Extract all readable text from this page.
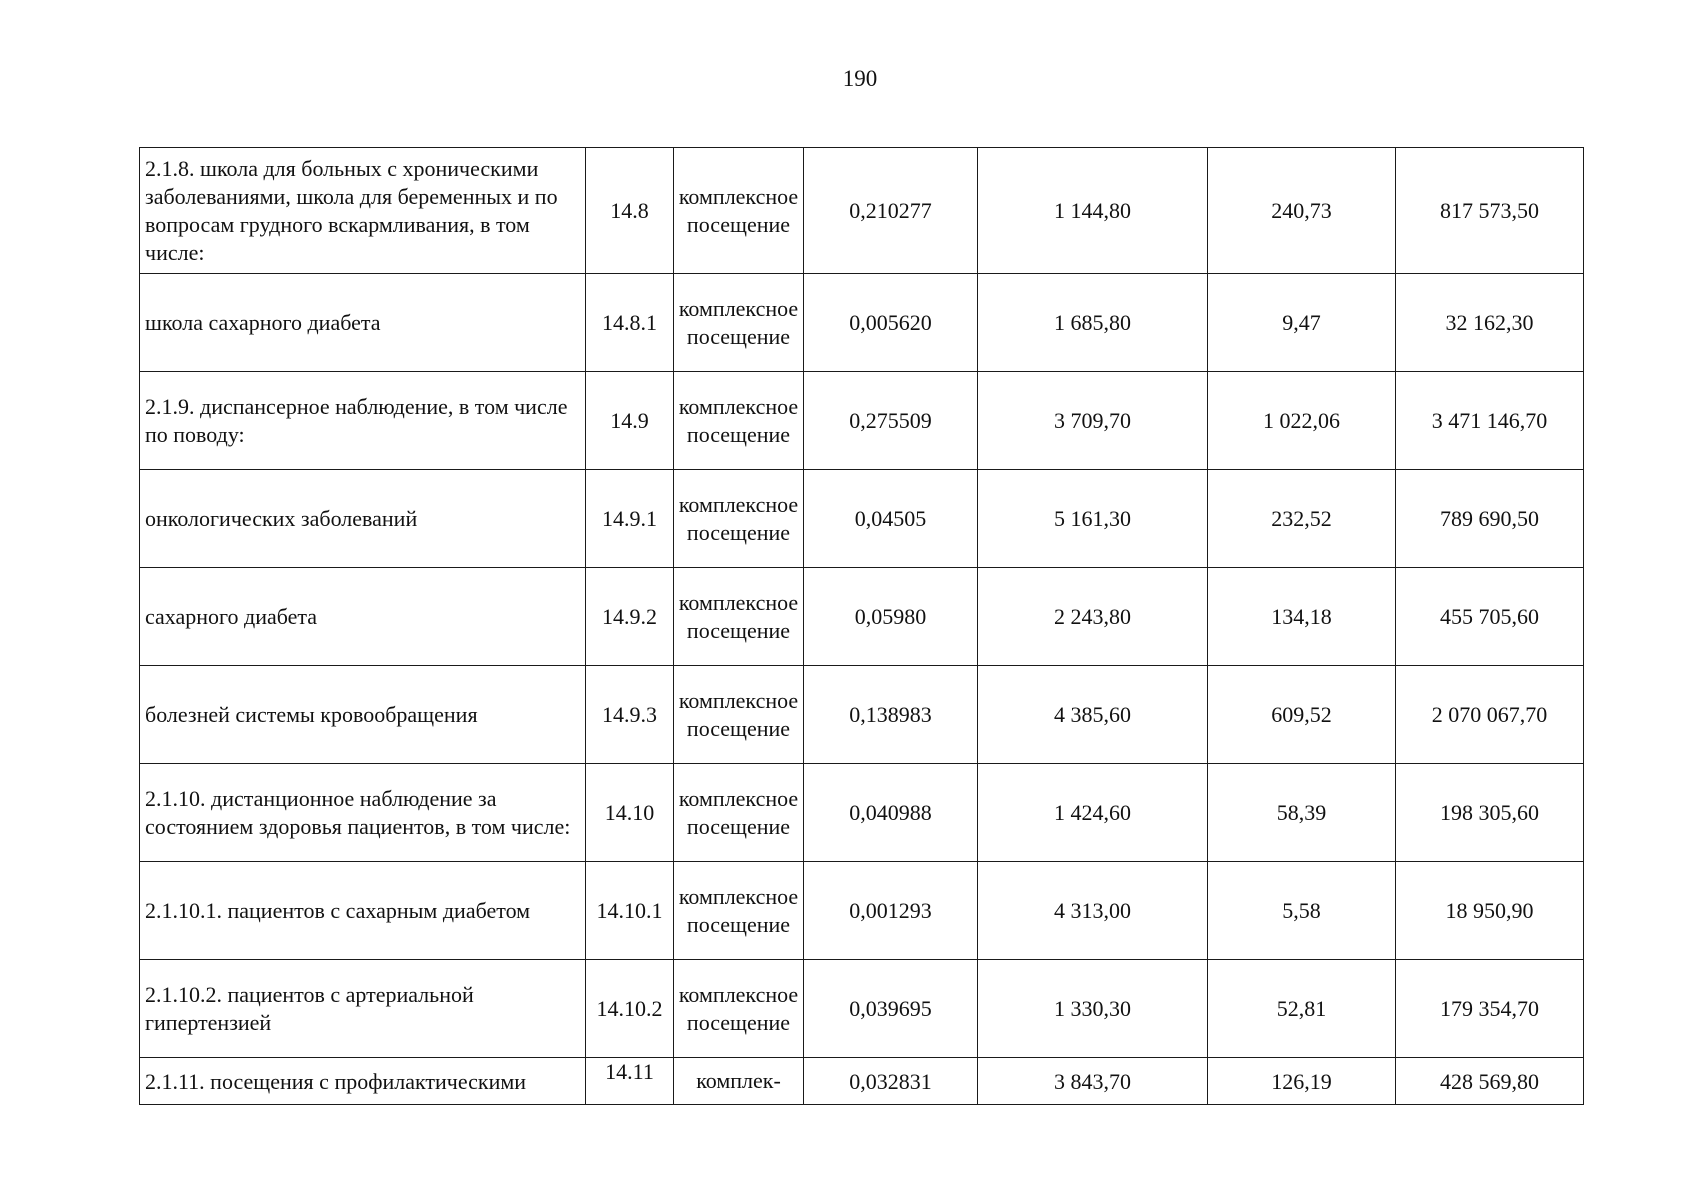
190
2.1.8. школа для больных с хроническими заболеваниями, школа для беременных и по вопросам грудного вскармливания, в том числе:	14.8	комплексное посещение	0,210277	1 144,80	240,73	817 573,50
школа сахарного диабета	14.8.1	комплексное посещение	0,005620	1 685,80	9,47	32 162,30
2.1.9. диспансерное наблюдение, в том числе по поводу:	14.9	комплексное посещение	0,275509	3 709,70	1 022,06	3 471 146,70
онкологических заболеваний	14.9.1	комплексное посещение	0,04505	5 161,30	232,52	789 690,50
сахарного диабета	14.9.2	комплексное посещение	0,05980	2 243,80	134,18	455 705,60
болезней системы кровообращения	14.9.3	комплексное посещение	0,138983	4 385,60	609,52	2 070 067,70
2.1.10. дистанционное наблюдение за состоянием здоровья пациентов, в том числе:	14.10	комплексное посещение	0,040988	1 424,60	58,39	198 305,60
2.1.10.1. пациентов с сахарным диабетом	14.10.1	комплексное посещение	0,001293	4 313,00	5,58	18 950,90
2.1.10.2. пациентов с артериальной гипертензией	14.10.2	комплексное посещение	0,039695	1 330,30	52,81	179 354,70
2.1.11. посещения с профилактическими	14.11	комплек-	0,032831	3 843,70	126,19	428 569,80
